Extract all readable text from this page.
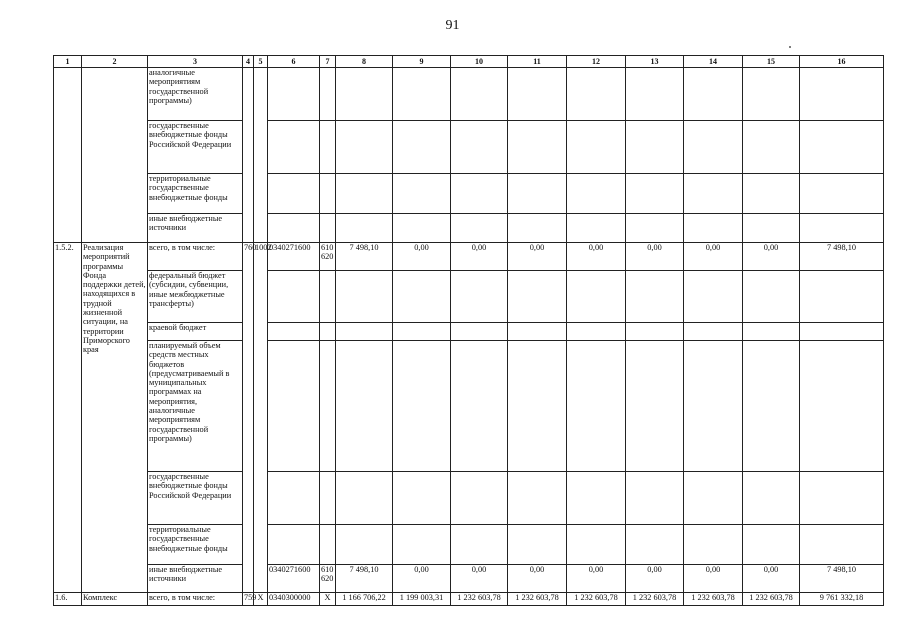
91
1	2	3	4	5	6	7	8	9	10	11	12	13	14	15	16
		аналогичные мероприятиям государственной программы)													
		государственные внебюджетные фонды Российской Федерации													
		территориальные государственные внебюджетные фонды													
		иные внебюджетные источники													
1.5.2.	Реализация мероприятий программы Фонда поддержки детей, находящихся в трудной жизненной ситуации, на территории Приморского края	всего, в том числе:	760	1002	0340271600	610 620	7 498,10	0,00	0,00	0,00	0,00	0,00	0,00	0,00	7 498,10
		федеральный бюджет (субсидии, субвенции, иные межбюджетные трансферты)													
		краевой бюджет													
		планируемый объем средств местных бюджетов (предусматриваемый в муниципальных программах на мероприятия, аналогичные мероприятиям государственной программы)													
		государственные внебюджетные фонды Российской Федерации													
		территориальные государственные внебюджетные фонды													
		иные внебюджетные источники			0340271600	610 620	7 498,10	0,00	0,00	0,00	0,00	0,00	0,00	0,00	7 498,10
1.6.	Комплекс	всего, в том числе:	759	X	0340300000	X	1 166 706,22	1 199 003,31	1 232 603,78	1 232 603,78	1 232 603,78	1 232 603,78	1 232 603,78	1 232 603,78	9 761 332,18
